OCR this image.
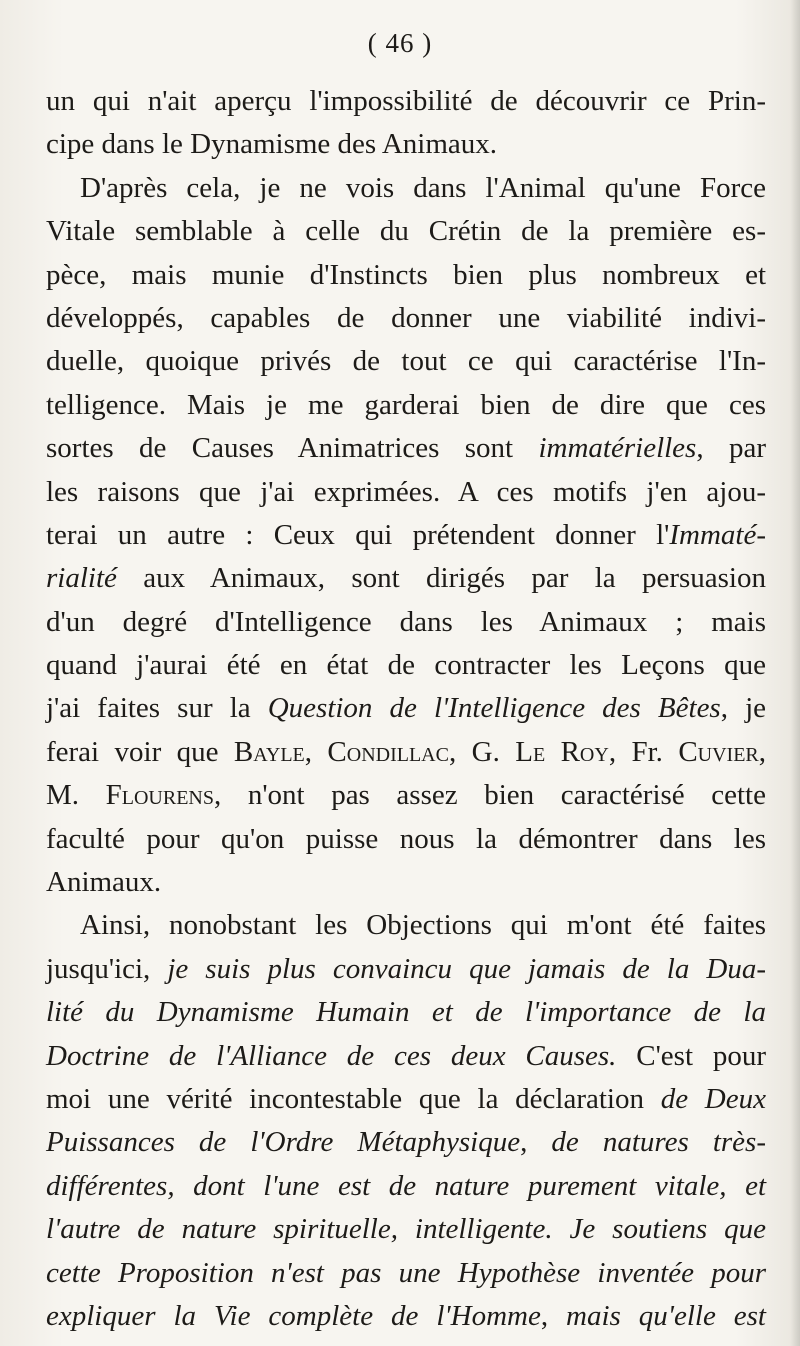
( 46 )
un qui n'ait aperçu l'impossibilité de découvrir ce Prin-
cipe dans le Dynamisme des Animaux.
D'après cela, je ne vois dans l'Animal qu'une Force
Vitale semblable à celle du Crétin de la première es-
pèce, mais munie d'Instincts bien plus nombreux et
développés, capables de donner une viabilité indivi-
duelle, quoique privés de tout ce qui caractérise l'In-
telligence. Mais je me garderai bien de dire que ces
sortes de Causes Animatrices sont immatérielles, par
les raisons que j'ai exprimées. A ces motifs j'en ajou-
terai un autre : Ceux qui prétendent donner l'Immaté-
rialité aux Animaux, sont dirigés par la persuasion
d'un degré d'Intelligence dans les Animaux ; mais
quand j'aurai été en état de contracter les Leçons que
j'ai faites sur la Question de l'Intelligence des Bêtes, je
ferai voir que Bayle, Condillac, G. Le Roy, Fr. Cuvier,
M. Flourens, n'ont pas assez bien caractérisé cette
faculté pour qu'on puisse nous la démontrer dans les
Animaux.
Ainsi, nonobstant les Objections qui m'ont été faites
jusqu'ici, je suis plus convaincu que jamais de la Dua-
lité du Dynamisme Humain et de l'importance de la
Doctrine de l'Alliance de ces deux Causes. C'est pour
moi une vérité incontestable que la déclaration de Deux
Puissances de l'Ordre Métaphysique, de natures très-
différentes, dont l'une est de nature purement vitale, et
l'autre de nature spirituelle, intelligente. Je soutiens que
cette Proposition n'est pas une Hypothèse inventée pour
expliquer la Vie complète de l'Homme, mais qu'elle est
